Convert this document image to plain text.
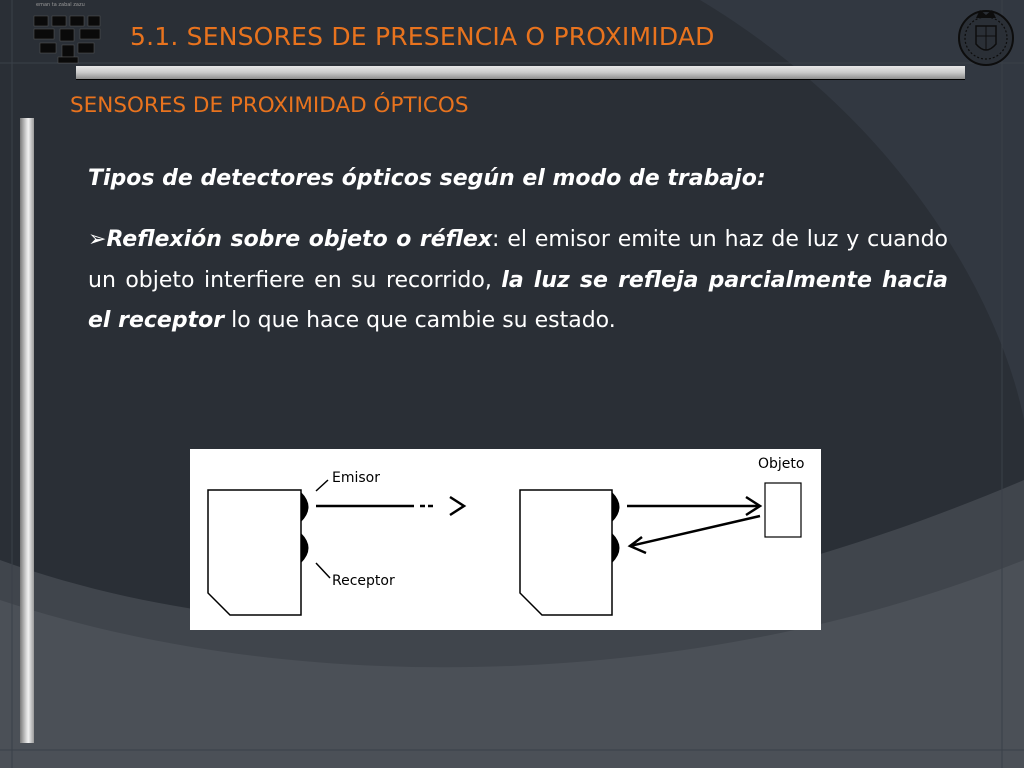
eman ta zabal zazu
5.1. SENSORES DE PRESENCIA O PROXIMIDAD
SENSORES DE PROXIMIDAD ÓPTICOS

Tipos de detectores ópticos según el modo de trabajo:

➢Reflexión sobre objeto o réflex: el emisor emite un haz de luz y cuando un objeto interfiere en su recorrido, la luz se refleja parcialmente hacia el receptor lo que hace que cambie su estado.

Emisor
Receptor
Objeto
